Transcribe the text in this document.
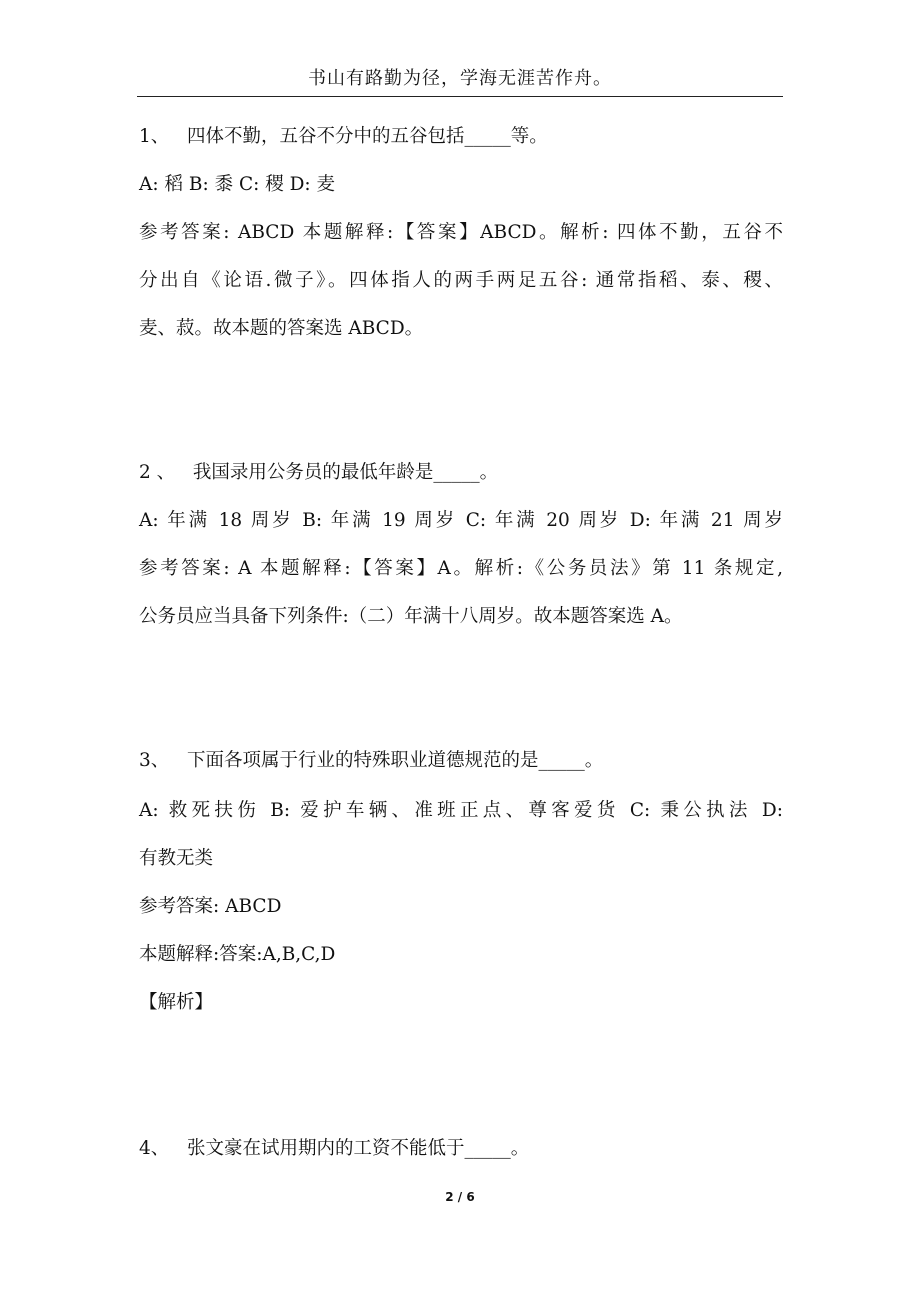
书山有路勤为径，学海无涯苦作舟。
1、 四体不勤，五谷不分中的五谷包括_____等。
A: 稻 B: 黍 C: 稷 D: 麦
参考答案: ABCD 本题解释:【答案】ABCD。解析: 四体不勤，五谷不
分出自《论语.微子》。四体指人的两手两足五谷: 通常指稻、泰、稷、
麦、菽。故本题的答案选 ABCD。
2 、 我国录用公务员的最低年龄是_____。
A: 年满 18 周岁 B: 年满 19 周岁 C: 年满 20 周岁 D: 年满 21 周岁
参考答案: A 本题解释:【答案】A。解析:《公务员法》第 11 条规定,
公务员应当具备下列条件:（二）年满十八周岁。故本题答案选 A。
3、 下面各项属于行业的特殊职业道德规范的是_____。
A: 救死扶伤 B: 爱护车辆、准班正点、尊客爱货 C: 秉公执法 D:
有教无类
参考答案: ABCD
本题解释:答案:A,B,C,D
【解析】
4、 张文豪在试用期内的工资不能低于_____。
2 / 6
